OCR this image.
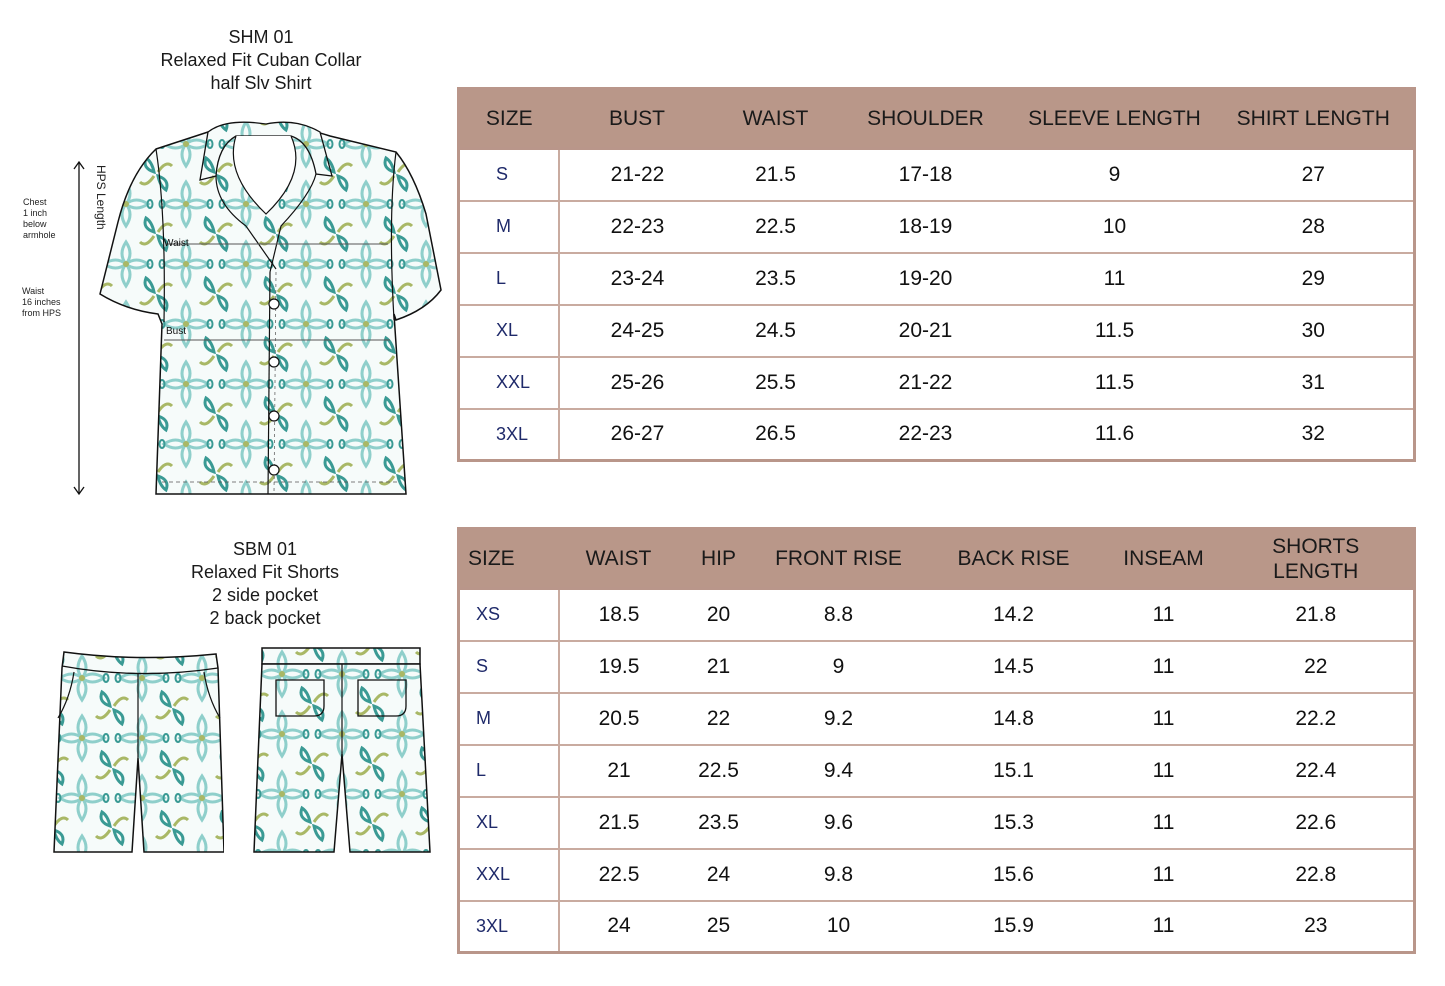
SHM 01
Relaxed Fit Cuban Collar
half Slv Shirt
Chest
1 inch
below
armhole
Waist
16 inches
from HPS
HPS Length
Waist
Bust
SBM 01
Relaxed Fit Shorts
2 side pocket
2 back pocket
SIZE	BUST	WAIST	SHOULDER	SLEEVE LENGTH	SHIRT LENGTH
S	21-22	21.5	17-18	9	27
M	22-23	22.5	18-19	10	28
L	23-24	23.5	19-20	11	29
XL	24-25	24.5	20-21	11.5	30
XXL	25-26	25.5	21-22	11.5	31
3XL	26-27	26.5	22-23	11.6	32
SIZE	WAIST	HIP	FRONT RISE	BACK RISE	INSEAM	SHORTS LENGTH
XS	18.5	20	8.8	14.2	11	21.8
S	19.5	21	9	14.5	11	22
M	20.5	22	9.2	14.8	11	22.2
L	21	22.5	9.4	15.1	11	22.4
XL	21.5	23.5	9.6	15.3	11	22.6
XXL	22.5	24	9.8	15.6	11	22.8
3XL	24	25	10	15.9	11	23
